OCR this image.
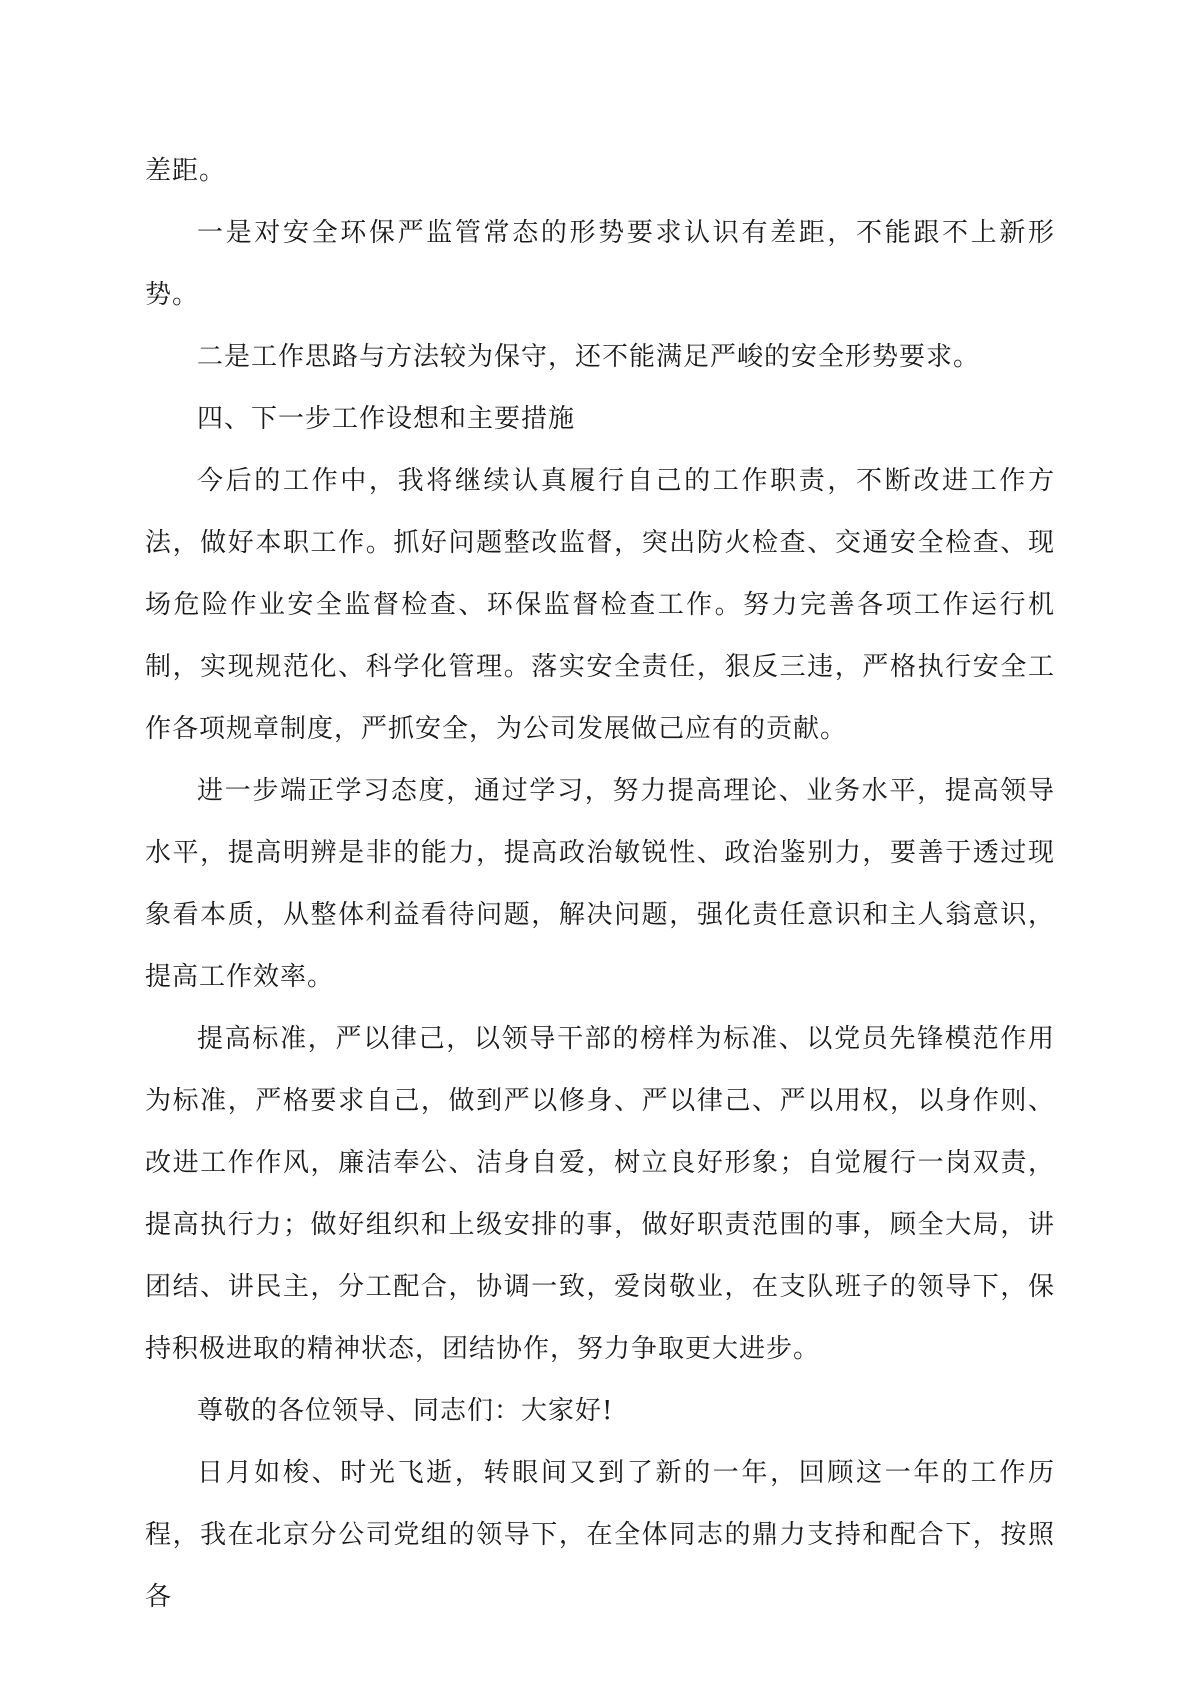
差距。

一是对安全环保严监管常态的形势要求认识有差距，不能跟不上新形势。

二是工作思路与方法较为保守，还不能满足严峻的安全形势要求。

四、下一步工作设想和主要措施

今后的工作中，我将继续认真履行自己的工作职责，不断改进工作方法，做好本职工作。抓好问题整改监督，突出防火检查、交通安全检查、现场危险作业安全监督检查、环保监督检查工作。努力完善各项工作运行机制，实现规范化、科学化管理。落实安全责任，狠反三违，严格执行安全工作各项规章制度，严抓安全，为公司发展做己应有的贡献。

进一步端正学习态度，通过学习，努力提高理论、业务水平，提高领导水平，提高明辨是非的能力，提高政治敏锐性、政治鉴别力，要善于透过现象看本质，从整体利益看待问题，解决问题，强化责任意识和主人翁意识，提高工作效率。

提高标准，严以律己，以领导干部的榜样为标准、以党员先锋模范作用为标准，严格要求自己，做到严以修身、严以律己、严以用权，以身作则、改进工作作风，廉洁奉公、洁身自爱，树立良好形象；自觉履行一岗双责，提高执行力；做好组织和上级安排的事，做好职责范围的事，顾全大局，讲团结、讲民主，分工配合，协调一致，爱岗敬业，在支队班子的领导下，保持积极进取的精神状态，团结协作，努力争取更大进步。

尊敬的各位领导、同志们：大家好!

日月如梭、时光飞逝，转眼间又到了新的一年，回顾这一年的工作历程，我在北京分公司党组的领导下，在全体同志的鼎力支持和配合下，按照各
